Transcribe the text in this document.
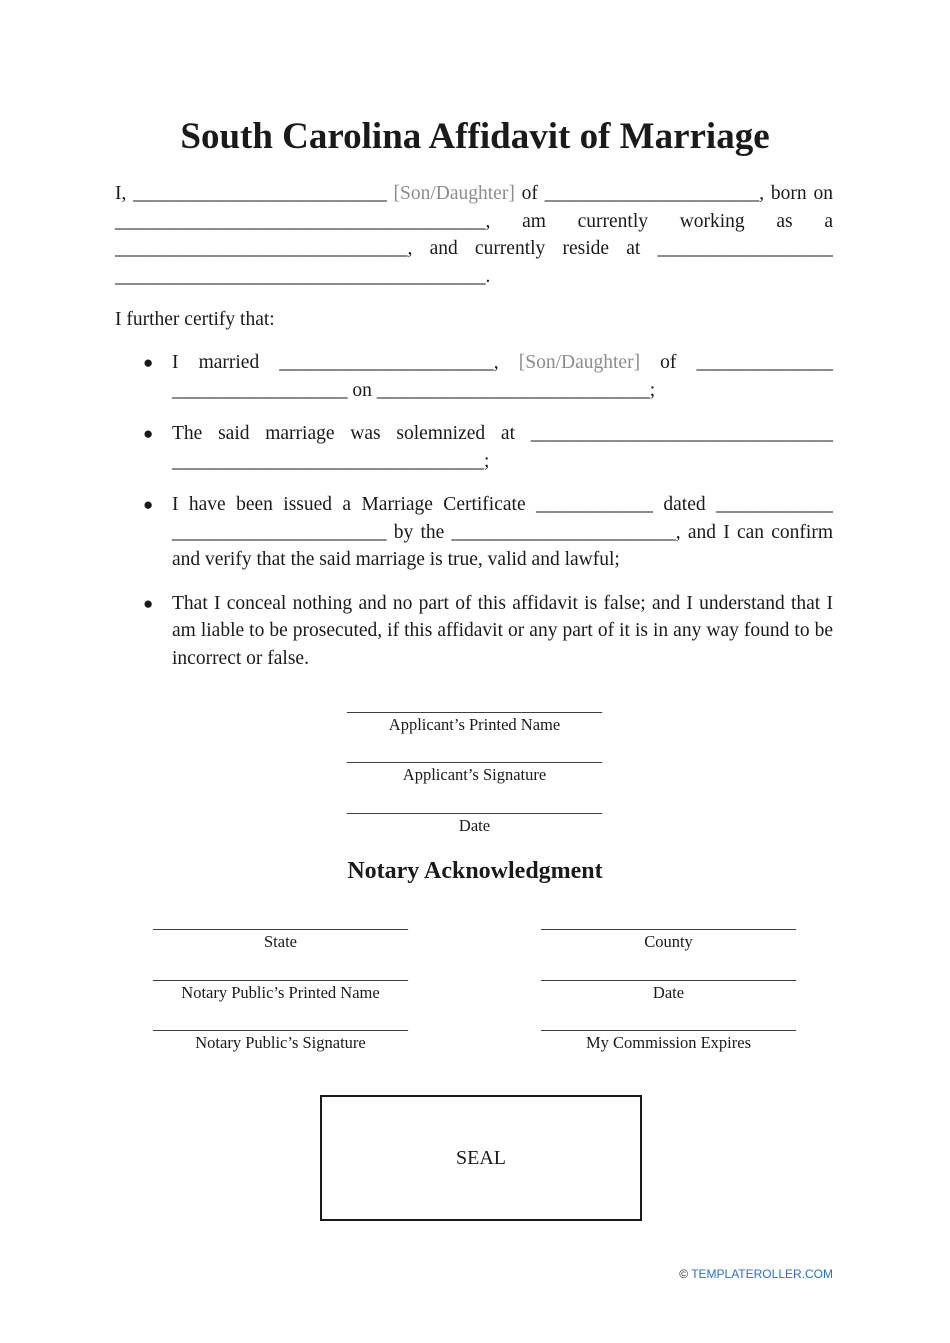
South Carolina Affidavit of Marriage

I, __________________________ [Son/Daughter] of ______________________, born on ______________________________________, am currently working as a ______________________________, and currently reside at __________________ ______________________________________.

I further certify that:

● I married ______________________, [Son/Daughter] of ______________ __________________ on ____________________________;
● The said marriage was solemnized at _______________________________ ________________________________;
● I have been issued a Marriage Certificate ____________ dated ____________ ______________________ by the _______________________, and I can confirm and verify that the said marriage is true, valid and lawful;
● That I conceal nothing and no part of this affidavit is false; and I understand that I am liable to be prosecuted, if this affidavit or any part of it is in any way found to be incorrect or false.
______________________________
Applicant’s Printed Name
______________________________
Applicant’s Signature
______________________________
Date
Notary Acknowledgment
______________________________
State
______________________________
County
______________________________
Notary Public’s Printed Name
______________________________
Date
______________________________
Notary Public’s Signature
______________________________
My Commission Expires
SEAL
© TEMPLATEROLLER.COM
